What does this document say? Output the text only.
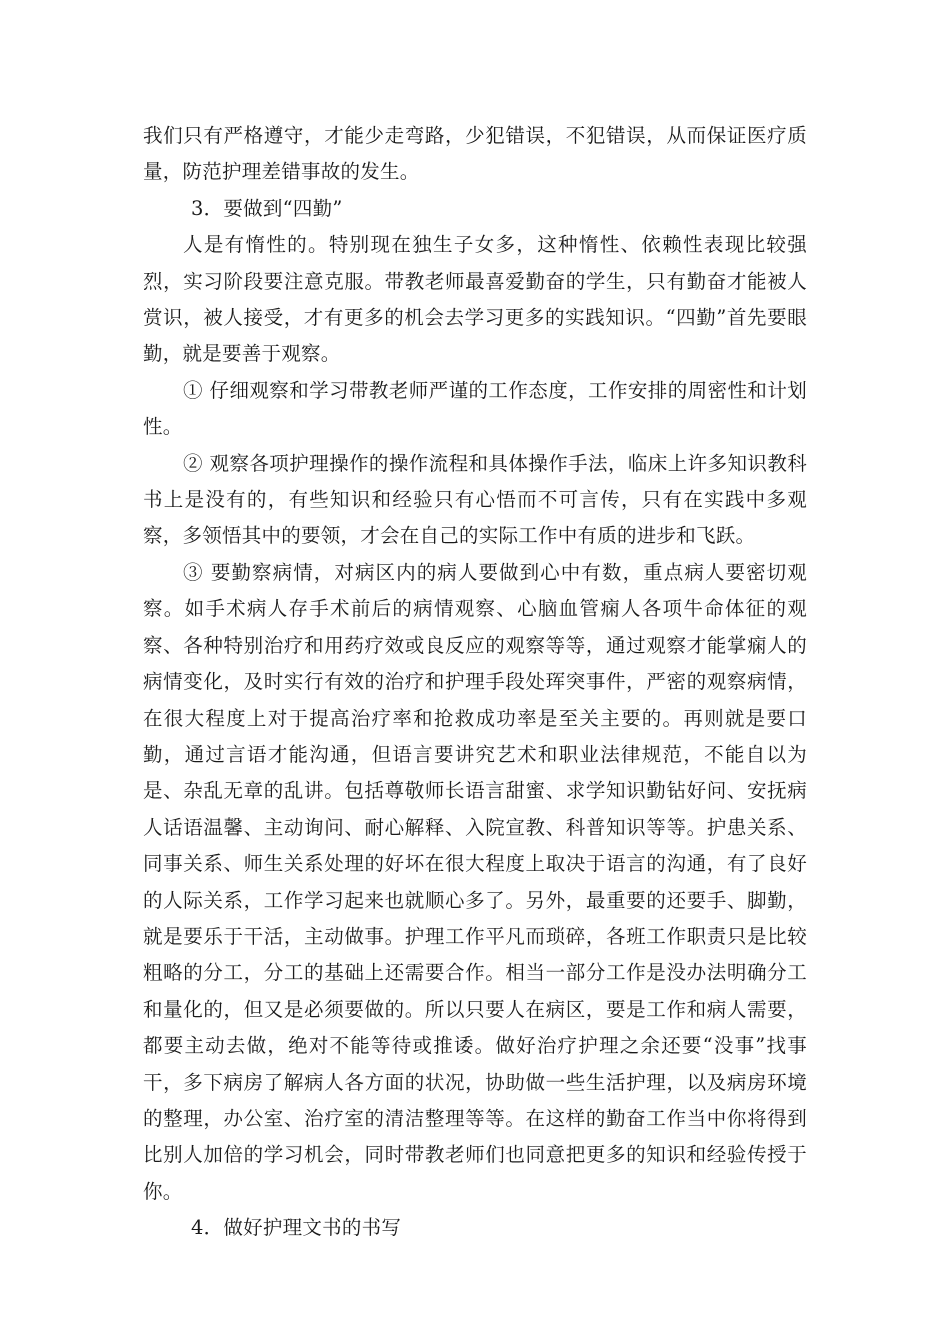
我们只有严格遵守，才能少走弯路，少犯错误，不犯错误，从而保证医疗质量，防范护理差错事故的发生。

3．要做到“四勤”

人是有惰性的。特别现在独生子女多，这种惰性、依赖性表现比较强烈，实习阶段要注意克服。带教老师最喜爱勤奋的学生，只有勤奋才能被人赏识，被人接受，才有更多的机会去学习更多的实践知识。“四勤”首先要眼勤，就是要善于观察。

① 仔细观察和学习带教老师严谨的工作态度，工作安排的周密性和计划性。

② 观察各项护理操作的操作流程和具体操作手法，临床上许多知识教科书上是没有的，有些知识和经验只有心悟而不可言传，只有在实践中多观察，多领悟其中的要领，才会在自己的实际工作中有质的进步和飞跃。

③ 要勤察病情，对病区内的病人要做到心中有数，重点病人要密切观察。如手术病人存手术前后的病情观察、心脑血管痫人各项牛命体征的观察、各种特别治疗和用药疗效或良反应的观察等等，通过观察才能掌痫人的病情变化，及时实行有效的治疗和护理手段处珲突事件，严密的观察病情，在很大程度上对于提高治疗率和抢救成功率是至关主要的。再则就是要口勤，通过言语才能沟通，但语言要讲究艺术和职业法律规范，不能自以为是、杂乱无章的乱讲。包括尊敬师长语言甜蜜、求学知识勤钻好问、安抚病人话语温馨、主动询问、耐心解释、入院宣教、科普知识等等。护患关系、同事关系、师生关系处理的好坏在很大程度上取决于语言的沟通，有了良好的人际关系，工作学习起来也就顺心多了。另外，最重要的还要手、脚勤，就是要乐于干活，主动做事。护理工作平凡而琐碎，各班工作职责只是比较粗略的分工，分工的基础上还需要合作。相当一部分工作是没办法明确分工和量化的，但又是必须要做的。所以只要人在病区，要是工作和病人需要，都要主动去做，绝对不能等待或推诿。做好治疗护理之余还要“没事”找事干，多下病房了解病人各方面的状况，协助做一些生活护理，以及病房环境的整理，办公室、治疗室的清洁整理等等。在这样的勤奋工作当中你将得到比别人加倍的学习机会，同时带教老师们也同意把更多的知识和经验传授于你。

4．做好护理文书的书写
